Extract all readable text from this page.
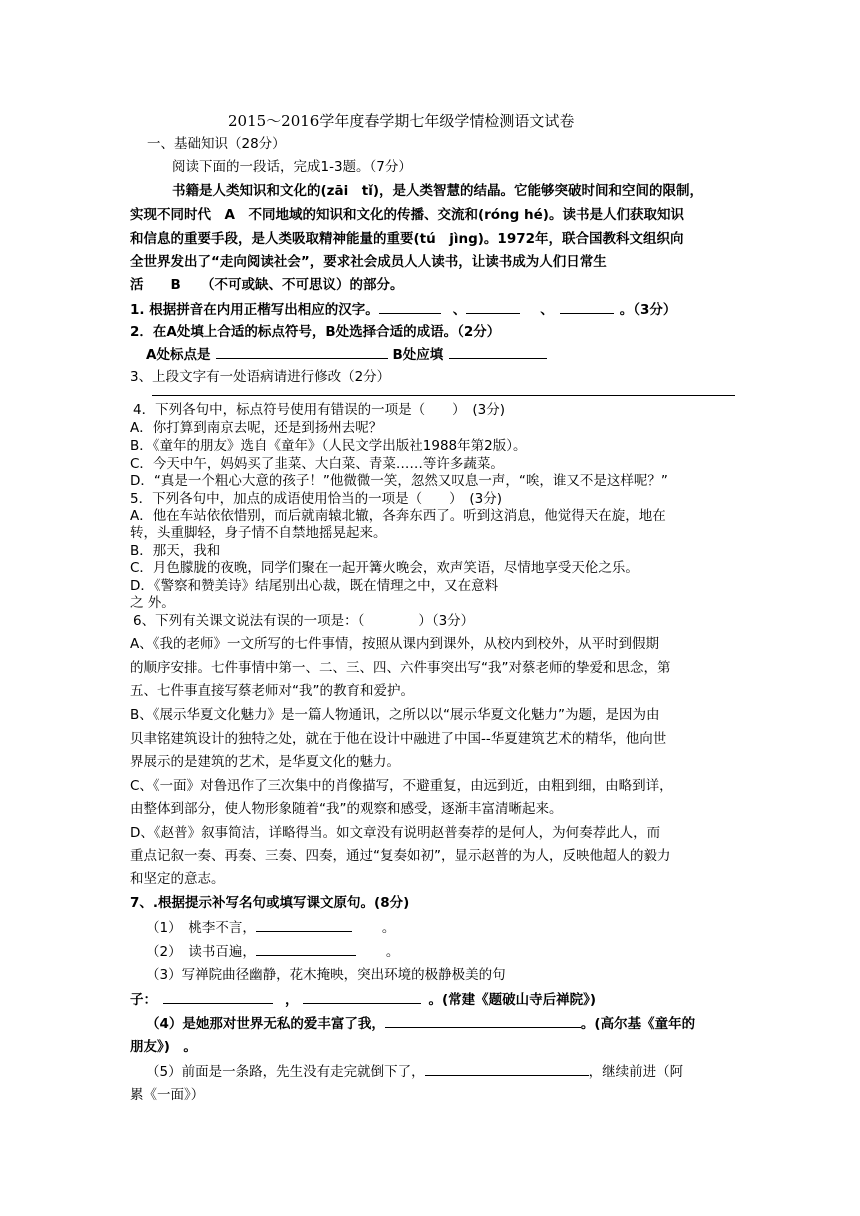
2015～2016学年度春学期七年级学情检测语文试卷
一、基础知识（28分）
阅读下面的一段话，完成1-3题。（7分）
书籍是人类知识和文化的(zāi　tǐ)，是人类智慧的结晶。它能够突破时间和空间的限制，
实现不同时代　A　不同地域的知识和文化的传播、交流和(róng hé)。读书是人们获取知识
和信息的重要手段，是人类吸取精神能量的重要(tú　jìng)。1972年，联合国教科文组织向
全世界发出了“走向阅读社会”，要求社会成员人人读书，让读书成为人们日常生
活　　B　　（不可或缺、不可思议）的部分。
1. 根据拼音在内用正楷写出相应的汉字。	、	、	。（3分）
2．在A处填上合适的标点符号，B处选择合适的成语。（2分）
A处标点是	B处应填
3、上段文字有一处语病请进行修改（2分）
4．下列各句中，标点符号使用有错误的一项是（　　）　(3分)
A．你打算到南京去呢，还是到扬州去呢？
B．《童年的朋友》选自《童年》（人民文学出版社1988年第2版）。
C．今天中午，妈妈买了韭菜、大白菜、青菜……等许多蔬菜。
D．“真是一个粗心大意的孩子！”他微微一笑，忽然又叹息一声，“唉，谁又不是这样呢？”
5．下列各句中，加点的成语使用恰当的一项是（　　）　(3分)
A．他在车站依依惜别，而后就南辕北辙，各奔东西了。听到这消息，他觉得天在旋，地在
转，头重脚轻，身子情不自禁地摇晃起来。
B．那天，我和
C．月色朦胧的夜晚，同学们聚在一起开篝火晚会，欢声笑语，尽情地享受天伦之乐。
D．《警察和赞美诗》结尾别出心裁，既在情理之中，又在意料
之 外。
6、下列有关课文说法有误的一项是：（　　　　）（3分）
A、《我的老师》一文所写的七件事情，按照从课内到课外，从校内到校外，从平时到假期
的顺序安排。七件事情中第一、二、三、四、六件事突出写“我”对蔡老师的挚爱和思念，第
五、七件事直接写蔡老师对“我”的教育和爱护。
B、《展示华夏文化魅力》是一篇人物通讯，之所以以“展示华夏文化魅力”为题，是因为由
贝聿铭建筑设计的独特之处，就在于他在设计中融进了中国--华夏建筑艺术的精华，他向世
界展示的是建筑的艺术，是华夏文化的魅力。
C、《一面》对鲁迅作了三次集中的肖像描写，不避重复，由远到近，由粗到细，由略到详，
由整体到部分，使人物形象随着“我”的观察和感受，逐渐丰富清晰起来。
D、《赵普》叙事简洁，详略得当。如文章没有说明赵普奏荐的是何人，为何奏荐此人，而
重点记叙一奏、再奏、三奏、四奏，通过“复奏如初”，显示赵普的为人，反映他超人的毅力
和坚定的意志。
7、.根据提示补写名句或填写课文原句。(8分)
（1）　桃李不言，	。
（2）　读书百遍，	。
（3）写禅院曲径幽静，花木掩映，突出环境的极静极美的句
子：	，	。(常建《题破山寺后禅院》)
（4）是她那对世界无私的爱丰富了我，	。(高尔基《童年的
朋友》)　。
（5）前面是一条路，先生没有走完就倒下了，	，继续前进（阿
累《一面》）
